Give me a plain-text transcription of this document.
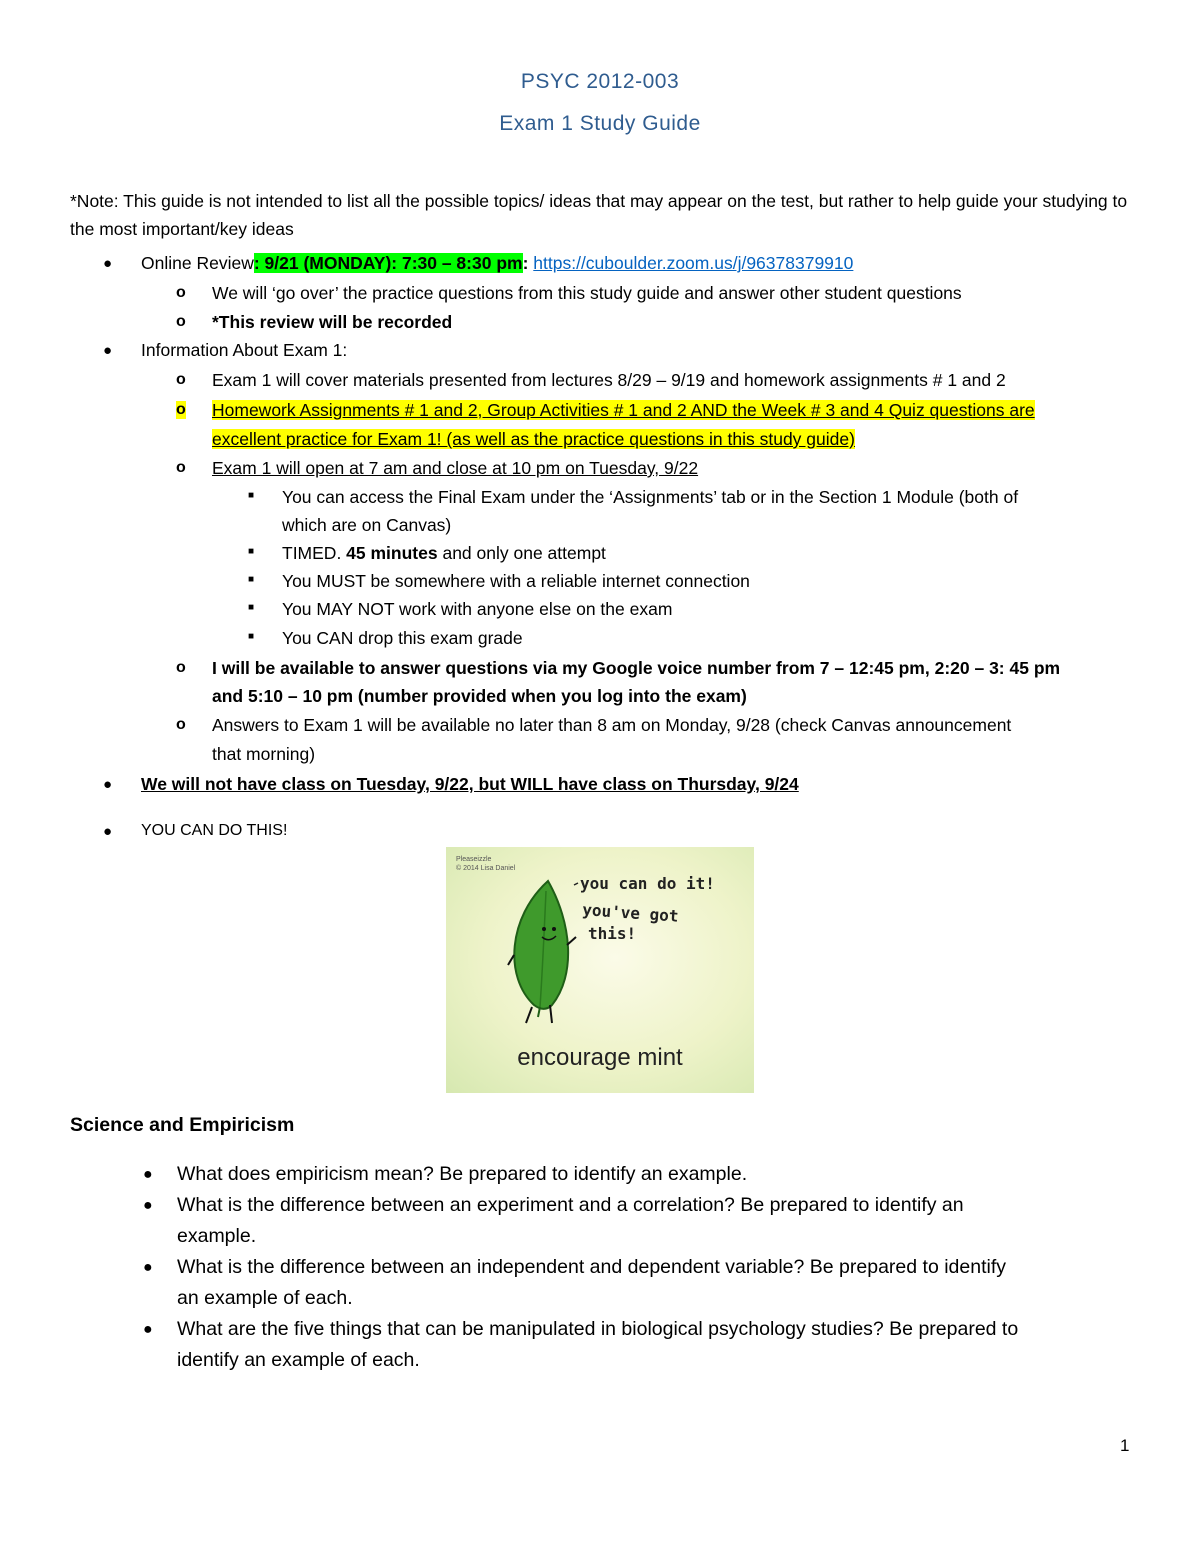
PSYC 2012-003
Exam 1 Study Guide
*Note: This guide is not intended to list all the possible topics/ ideas that may appear on the test, but rather to help guide your studying to the most important/key ideas
● Online Review: 9/21 (MONDAY): 7:30 – 8:30 pm: https://cuboulder.zoom.us/j/96378379910
o We will ‘go over’ the practice questions from this study guide and answer other student questions
o *This review will be recorded
● Information About Exam 1:
o Exam 1 will cover materials presented from lectures 8/29 – 9/19 and homework assignments # 1 and 2
o Homework Assignments # 1 and 2, Group Activities # 1 and 2 AND the Week # 3 and 4 Quiz questions are
excellent practice for Exam 1! (as well as the practice questions in this study guide)
o Exam 1 will open at 7 am and close at 10 pm on Tuesday, 9/22
■ You can access the Final Exam under the ‘Assignments’ tab or in the Section 1 Module (both of
which are on Canvas)
■ TIMED. 45 minutes and only one attempt
■ You MUST be somewhere with a reliable internet connection
■ You MAY NOT work with anyone else on the exam
■ You CAN drop this exam grade
o I will be available to answer questions via my Google voice number from 7 – 12:45 pm, 2:20 – 3: 45 pm
and 5:10 – 10 pm (number provided when you log into the exam)
o Answers to Exam 1 will be available no later than 8 am on Monday, 9/28 (check Canvas announcement
that morning)
● We will not have class on Tuesday, 9/22, but WILL have class on Thursday, 9/24
● YOU CAN DO THIS!
Pleaseizzle
© 2014 Lisa Daniel
you can do it!
you've got
this!
encourage mint
Science and Empiricism
● What does empiricism mean? Be prepared to identify an example.
● What is the difference between an experiment and a correlation? Be prepared to identify an
example.
● What is the difference between an independent and dependent variable? Be prepared to identify
an example of each.
● What are the five things that can be manipulated in biological psychology studies? Be prepared to
identify an example of each.
1
